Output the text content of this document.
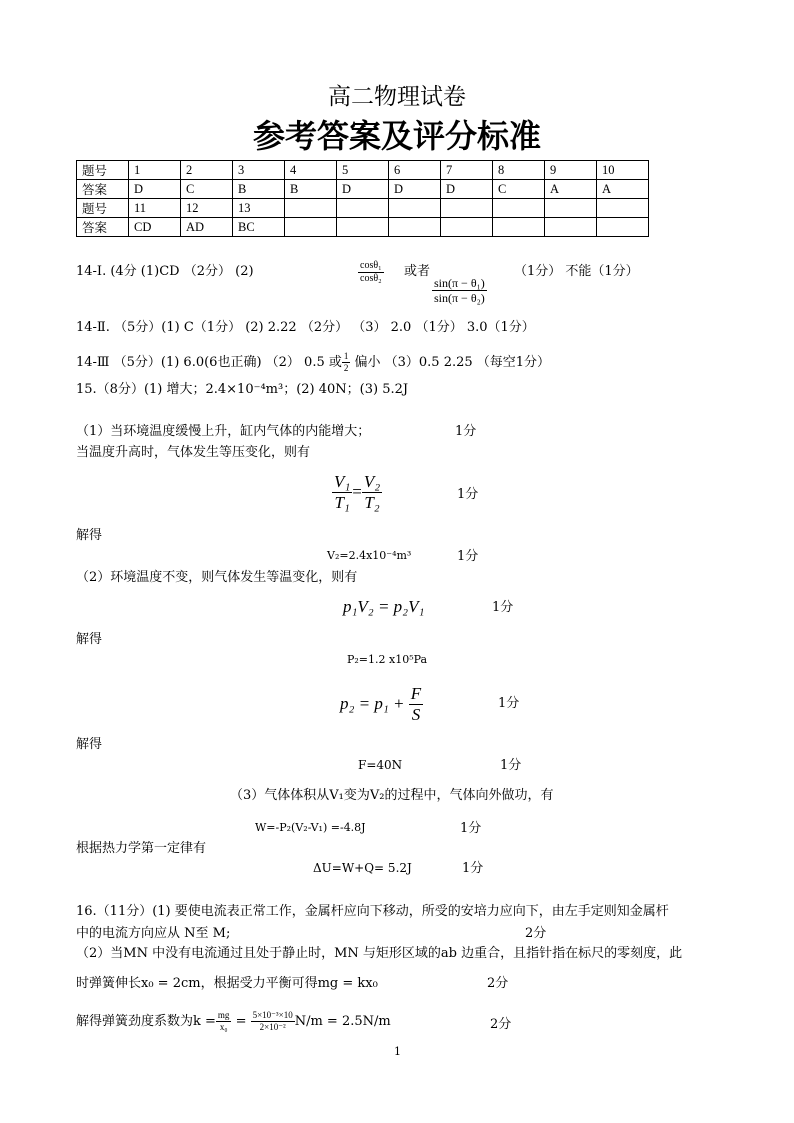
高二物理试卷
参考答案及评分标准
题号	1	2	3	4	5	6	7	8	9	10
答案	D	C	B	B	D	D	D	C	A	A
题号	11	12	13							
答案	CD	AD	BC							
14-Ⅰ. (4分 (1)CD （2分） (2)	$\frac{\text{cosθ₁}}{\text{cosθ₂}}$ 或者
$\frac{\text{sin(π − θ₁)}}{\text{sin(π − θ₂)}}$
（1分） 不能（1分）
14-Ⅱ. （5分）(1) C（1分） (2) 2.22 （2分） （3） 2.0 （1分） 3.0（1分）
14-Ⅲ （5分）(1) 6.0(6也正确) （2） 0.5 或 $\frac{1}{2}$ 偏小 （3）0.5 2.25 （每空1分）
15.（8分）(1) 增大；2.4×10⁻⁴m³；(2) 40N；(3) 5.2J
（1）当环境温度缓慢上升，缸内气体的内能增大；	1分
当温度升高时，气体发生等压变化，则有
$\frac{\text{V₁}}{\text{T₁}} = \frac{\text{V₂}}{\text{T₂}}$	1分
解得
V₂=2.4x10⁻⁴m³	1分
（2）环境温度不变，则气体发生等温变化，则有
p₁V₂ = p₂V₁	1分
解得
P₂=1.2 x10⁵Pa
$p_2 = p_1 + \frac{F}{S}$	1分
解得
F=40N	1分
（3）气体体积从V₁变为V₂的过程中，气体向外做功，有
W=-P₂(V₂-V₁) =-4.8J	1分
根据热力学第一定律有
ΔU=W+Q= 5.2J	1分
16.（11分）(1) 要使电流表正常工作，金属杆应向下移动，所受的安培力应向下，由左手定则知金属杆
中的电流方向应从 N至 M;	2分
（2）当MN 中没有电流通过且处于静止时，MN 与矩形区域的ab 边重合，且指针指在标尺的零刻度，此
时弹簧伸长x₀ = 2cm，根据受力平衡可得mg = kx₀	2分
解得弹簧劲度系数为$k = \frac{mg}{\text{x₀}} = \frac{\text{5×10⁻³×10}}{\text{2×10⁻²}} N/m = 2.5N/m$	2分
1
